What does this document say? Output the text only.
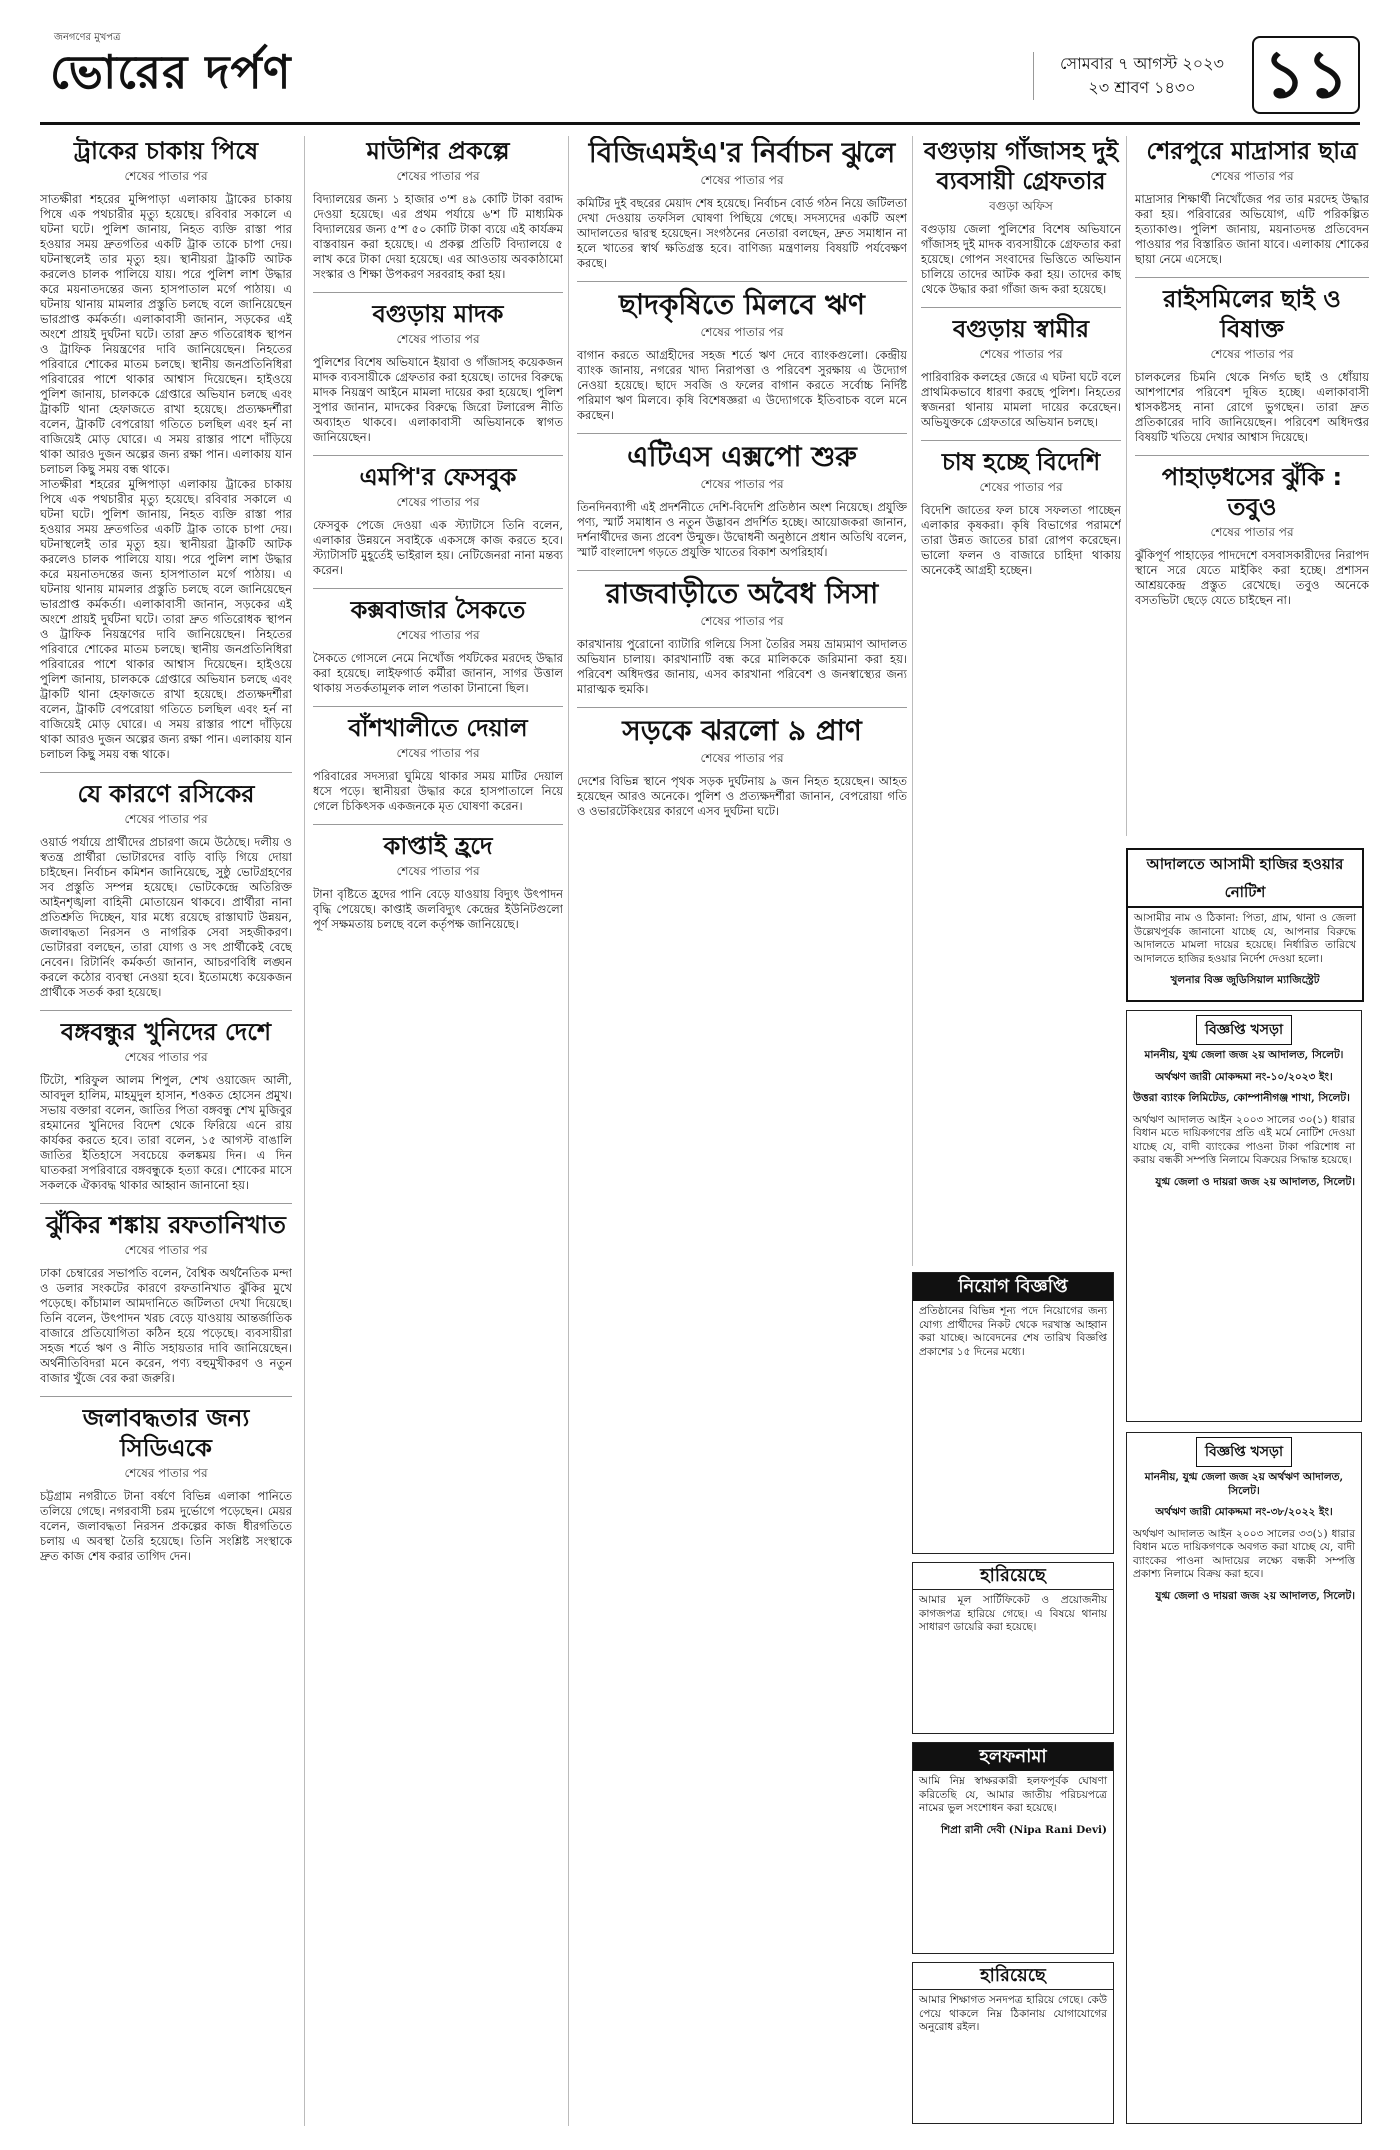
জনগণের মুখপত্র
ভোরের দর্পণ	সোমবার ৭ আগস্ট ২০২৩
২৩ শ্রাবণ ১৪৩০	১১
ট্রাকের চাকায় পিষে
শেষের পাতার পর

সাতক্ষীরা শহরের মুন্সিপাড়া এলাকায় ট্রাকের চাকায় পিষে এক পথচারীর মৃত্যু হয়েছে। রবিবার সকালে এ ঘটনা ঘটে। পুলিশ জানায়, নিহত ব্যক্তি রাস্তা পার হওয়ার সময় দ্রুতগতির একটি ট্রাক তাকে চাপা দেয়। ঘটনাস্থলেই তার মৃত্যু হয়। স্থানীয়রা ট্রাকটি আটক করলেও চালক পালিয়ে যায়। পরে পুলিশ লাশ উদ্ধার করে ময়নাতদন্তের জন্য হাসপাতাল মর্গে পাঠায়। এ ঘটনায় থানায় মামলার প্রস্তুতি চলছে বলে জানিয়েছেন ভারপ্রাপ্ত কর্মকর্তা। এলাকাবাসী জানান, সড়কের এই অংশে প্রায়ই দুর্ঘটনা ঘটে। তারা দ্রুত গতিরোধক স্থাপন ও ট্রাফিক নিয়ন্ত্রণের দাবি জানিয়েছেন। নিহতের পরিবারে শোকের মাতম চলছে। স্থানীয় জনপ্রতিনিধিরা পরিবারের পাশে থাকার আশ্বাস দিয়েছেন। হাইওয়ে পুলিশ জানায়, চালককে গ্রেপ্তারে অভিযান চলছে এবং ট্রাকটি থানা হেফাজতে রাখা হয়েছে। প্রত্যক্ষদর্শীরা বলেন, ট্রাকটি বেপরোয়া গতিতে চলছিল এবং হর্ন না বাজিয়েই মোড় ঘোরে। এ সময় রাস্তার পাশে দাঁড়িয়ে থাকা আরও দুজন অল্পের জন্য রক্ষা পান। এলাকায় যান চলাচল কিছু সময় বন্ধ থাকে।

সাতক্ষীরা শহরের মুন্সিপাড়া এলাকায় ট্রাকের চাকায় পিষে এক পথচারীর মৃত্যু হয়েছে। রবিবার সকালে এ ঘটনা ঘটে। পুলিশ জানায়, নিহত ব্যক্তি রাস্তা পার হওয়ার সময় দ্রুতগতির একটি ট্রাক তাকে চাপা দেয়। ঘটনাস্থলেই তার মৃত্যু হয়। স্থানীয়রা ট্রাকটি আটক করলেও চালক পালিয়ে যায়। পরে পুলিশ লাশ উদ্ধার করে ময়নাতদন্তের জন্য হাসপাতাল মর্গে পাঠায়। এ ঘটনায় থানায় মামলার প্রস্তুতি চলছে বলে জানিয়েছেন ভারপ্রাপ্ত কর্মকর্তা। এলাকাবাসী জানান, সড়কের এই অংশে প্রায়ই দুর্ঘটনা ঘটে। তারা দ্রুত গতিরোধক স্থাপন ও ট্রাফিক নিয়ন্ত্রণের দাবি জানিয়েছেন। নিহতের পরিবারে শোকের মাতম চলছে। স্থানীয় জনপ্রতিনিধিরা পরিবারের পাশে থাকার আশ্বাস দিয়েছেন। হাইওয়ে পুলিশ জানায়, চালককে গ্রেপ্তারে অভিযান চলছে এবং ট্রাকটি থানা হেফাজতে রাখা হয়েছে। প্রত্যক্ষদর্শীরা বলেন, ট্রাকটি বেপরোয়া গতিতে চলছিল এবং হর্ন না বাজিয়েই মোড় ঘোরে। এ সময় রাস্তার পাশে দাঁড়িয়ে থাকা আরও দুজন অল্পের জন্য রক্ষা পান। এলাকায় যান চলাচল কিছু সময় বন্ধ থাকে।

যে কারণে রসিকের
শেষের পাতার পর

ওয়ার্ড পর্যায়ে প্রার্থীদের প্রচারণা জমে উঠেছে। দলীয় ও স্বতন্ত্র প্রার্থীরা ভোটারদের বাড়ি বাড়ি গিয়ে দোয়া চাইছেন। নির্বাচন কমিশন জানিয়েছে, সুষ্ঠু ভোটগ্রহণের সব প্রস্তুতি সম্পন্ন হয়েছে। ভোটকেন্দ্রে অতিরিক্ত আইনশৃঙ্খলা বাহিনী মোতায়েন থাকবে। প্রার্থীরা নানা প্রতিশ্রুতি দিচ্ছেন, যার মধ্যে রয়েছে রাস্তাঘাট উন্নয়ন, জলাবদ্ধতা নিরসন ও নাগরিক সেবা সহজীকরণ। ভোটাররা বলছেন, তারা যোগ্য ও সৎ প্রার্থীকেই বেছে নেবেন। রিটার্নিং কর্মকর্তা জানান, আচরণবিধি লঙ্ঘন করলে কঠোর ব্যবস্থা নেওয়া হবে। ইতোমধ্যে কয়েকজন প্রার্থীকে সতর্ক করা হয়েছে।

বঙ্গবন্ধুর খুনিদের দেশে
শেষের পাতার পর

টিটো, শরিফুল আলম শিপুল, শেখ ওয়াজেদ আলী, আবদুল হালিম, মাহমুদুল হাসান, শওকত হোসেন প্রমুখ। সভায় বক্তারা বলেন, জাতির পিতা বঙ্গবন্ধু শেখ মুজিবুর রহমানের খুনিদের বিদেশ থেকে ফিরিয়ে এনে রায় কার্যকর করতে হবে। তারা বলেন, ১৫ আগস্ট বাঙালি জাতির ইতিহাসে সবচেয়ে কলঙ্কময় দিন। এ দিন ঘাতকরা সপরিবারে বঙ্গবন্ধুকে হত্যা করে। শোকের মাসে সকলকে ঐক্যবদ্ধ থাকার আহ্বান জানানো হয়।

ঝুঁকির শঙ্কায় রফতানিখাত
শেষের পাতার পর

ঢাকা চেম্বারের সভাপতি বলেন, বৈশ্বিক অর্থনৈতিক মন্দা ও ডলার সংকটের কারণে রফতানিখাত ঝুঁকির মুখে পড়েছে। কাঁচামাল আমদানিতে জটিলতা দেখা দিয়েছে। তিনি বলেন, উৎপাদন খরচ বেড়ে যাওয়ায় আন্তর্জাতিক বাজারে প্রতিযোগিতা কঠিন হয়ে পড়েছে। ব্যবসায়ীরা সহজ শর্তে ঋণ ও নীতি সহায়তার দাবি জানিয়েছেন। অর্থনীতিবিদরা মনে করেন, পণ্য বহুমুখীকরণ ও নতুন বাজার খুঁজে বের করা জরুরি।

জলাবদ্ধতার জন্য সিডিএকে
শেষের পাতার পর

চট্টগ্রাম নগরীতে টানা বর্ষণে বিভিন্ন এলাকা পানিতে তলিয়ে গেছে। নগরবাসী চরম দুর্ভোগে পড়েছেন। মেয়র বলেন, জলাবদ্ধতা নিরসন প্রকল্পের কাজ ধীরগতিতে চলায় এ অবস্থা তৈরি হয়েছে। তিনি সংশ্লিষ্ট সংস্থাকে দ্রুত কাজ শেষ করার তাগিদ দেন।

মাউশির প্রকল্পে
শেষের পাতার পর

বিদ্যালয়ের জন্য ১ হাজার ৩'শ ৪৯ কোটি টাকা বরাদ্দ দেওয়া হয়েছে। এর প্রথম পর্যায়ে ৬'শ টি মাধ্যমিক বিদ্যালয়ের জন্য ৫'শ ৫০ কোটি টাকা ব্যয়ে এই কার্যক্রম বাস্তবায়ন করা হয়েছে। এ প্রকল্প প্রতিটি বিদ্যালয়ে ৫ লাখ করে টাকা দেয়া হয়েছে। এর আওতায় অবকাঠামো সংস্কার ও শিক্ষা উপকরণ সরবরাহ করা হয়।

বগুড়ায় মাদক
শেষের পাতার পর

পুলিশের বিশেষ অভিযানে ইয়াবা ও গাঁজাসহ কয়েকজন মাদক ব্যবসায়ীকে গ্রেফতার করা হয়েছে। তাদের বিরুদ্ধে মাদক নিয়ন্ত্রণ আইনে মামলা দায়ের করা হয়েছে। পুলিশ সুপার জানান, মাদকের বিরুদ্ধে জিরো টলারেন্স নীতি অব্যাহত থাকবে। এলাকাবাসী অভিযানকে স্বাগত জানিয়েছেন।

এমপি'র ফেসবুক
শেষের পাতার পর

ফেসবুক পেজে দেওয়া এক স্ট্যাটাসে তিনি বলেন, এলাকার উন্নয়নে সবাইকে একসঙ্গে কাজ করতে হবে। স্ট্যাটাসটি মুহূর্তেই ভাইরাল হয়। নেটিজেনরা নানা মন্তব্য করেন।

কক্সবাজার সৈকতে
শেষের পাতার পর

সৈকতে গোসলে নেমে নিখোঁজ পর্যটকের মরদেহ উদ্ধার করা হয়েছে। লাইফগার্ড কর্মীরা জানান, সাগর উত্তাল থাকায় সতর্কতামূলক লাল পতাকা টানানো ছিল।

বাঁশখালীতে দেয়াল
শেষের পাতার পর

পরিবারের সদস্যরা ঘুমিয়ে থাকার সময় মাটির দেয়াল ধসে পড়ে। স্থানীয়রা উদ্ধার করে হাসপাতালে নিয়ে গেলে চিকিৎসক একজনকে মৃত ঘোষণা করেন।

কাপ্তাই হ্রদে
শেষের পাতার পর

টানা বৃষ্টিতে হ্রদের পানি বেড়ে যাওয়ায় বিদ্যুৎ উৎপাদন বৃদ্ধি পেয়েছে। কাপ্তাই জলবিদ্যুৎ কেন্দ্রের ইউনিটগুলো পূর্ণ সক্ষমতায় চলছে বলে কর্তৃপক্ষ জানিয়েছে।

বিজিএমইএ'র নির্বাচন ঝুলে
শেষের পাতার পর

কমিটির দুই বছরের মেয়াদ শেষ হয়েছে। নির্বাচন বোর্ড গঠন নিয়ে জটিলতা দেখা দেওয়ায় তফসিল ঘোষণা পিছিয়ে গেছে। সদস্যদের একটি অংশ আদালতের দ্বারস্থ হয়েছেন। সংগঠনের নেতারা বলছেন, দ্রুত সমাধান না হলে খাতের স্বার্থ ক্ষতিগ্রস্ত হবে। বাণিজ্য মন্ত্রণালয় বিষয়টি পর্যবেক্ষণ করছে।

ছাদকৃষিতে মিলবে ঋণ
শেষের পাতার পর

বাগান করতে আগ্রহীদের সহজ শর্তে ঋণ দেবে ব্যাংকগুলো। কেন্দ্রীয় ব্যাংক জানায়, নগরের খাদ্য নিরাপত্তা ও পরিবেশ সুরক্ষায় এ উদ্যোগ নেওয়া হয়েছে। ছাদে সবজি ও ফলের বাগান করতে সর্বোচ্চ নির্দিষ্ট পরিমাণ ঋণ মিলবে। কৃষি বিশেষজ্ঞরা এ উদ্যোগকে ইতিবাচক বলে মনে করছেন।

এটিএস এক্সপো শুরু
শেষের পাতার পর

তিনদিনব্যাপী এই প্রদর্শনীতে দেশি-বিদেশি প্রতিষ্ঠান অংশ নিয়েছে। প্রযুক্তি পণ্য, স্মার্ট সমাধান ও নতুন উদ্ভাবন প্রদর্শিত হচ্ছে। আয়োজকরা জানান, দর্শনার্থীদের জন্য প্রবেশ উন্মুক্ত। উদ্বোধনী অনুষ্ঠানে প্রধান অতিথি বলেন, স্মার্ট বাংলাদেশ গড়তে প্রযুক্তি খাতের বিকাশ অপরিহার্য।

রাজবাড়ীতে অবৈধ সিসা
শেষের পাতার পর

কারখানায় পুরোনো ব্যাটারি গলিয়ে সিসা তৈরির সময় ভ্রাম্যমাণ আদালত অভিযান চালায়। কারখানাটি বন্ধ করে মালিককে জরিমানা করা হয়। পরিবেশ অধিদপ্তর জানায়, এসব কারখানা পরিবেশ ও জনস্বাস্থ্যের জন্য মারাত্মক হুমকি।

সড়কে ঝরলো ৯ প্রাণ
শেষের পাতার পর

দেশের বিভিন্ন স্থানে পৃথক সড়ক দুর্ঘটনায় ৯ জন নিহত হয়েছেন। আহত হয়েছেন আরও অনেকে। পুলিশ ও প্রত্যক্ষদর্শীরা জানান, বেপরোয়া গতি ও ওভারটেকিংয়ের কারণে এসব দুর্ঘটনা ঘটে।

বগুড়ায় গাঁজাসহ দুই ব্যবসায়ী গ্রেফতার
বগুড়া অফিস

বগুড়ায় জেলা পুলিশের বিশেষ অভিযানে গাঁজাসহ দুই মাদক ব্যবসায়ীকে গ্রেফতার করা হয়েছে। গোপন সংবাদের ভিত্তিতে অভিযান চালিয়ে তাদের আটক করা হয়। তাদের কাছ থেকে উদ্ধার করা গাঁজা জব্দ করা হয়েছে।

বগুড়ায় স্বামীর
শেষের পাতার পর

পারিবারিক কলহের জেরে এ ঘটনা ঘটে বলে প্রাথমিকভাবে ধারণা করছে পুলিশ। নিহতের স্বজনরা থানায় মামলা দায়ের করেছেন। অভিযুক্তকে গ্রেফতারে অভিযান চলছে।

চাষ হচ্ছে বিদেশি
শেষের পাতার পর

বিদেশি জাতের ফল চাষে সফলতা পাচ্ছেন এলাকার কৃষকরা। কৃষি বিভাগের পরামর্শে তারা উন্নত জাতের চারা রোপণ করেছেন। ভালো ফলন ও বাজারে চাহিদা থাকায় অনেকেই আগ্রহী হচ্ছেন।

শেরপুরে মাদ্রাসার ছাত্র
শেষের পাতার পর

মাদ্রাসার শিক্ষার্থী নিখোঁজের পর তার মরদেহ উদ্ধার করা হয়। পরিবারের অভিযোগ, এটি পরিকল্পিত হত্যাকাণ্ড। পুলিশ জানায়, ময়নাতদন্ত প্রতিবেদন পাওয়ার পর বিস্তারিত জানা যাবে। এলাকায় শোকের ছায়া নেমে এসেছে।

রাইসমিলের ছাই ও বিষাক্ত
শেষের পাতার পর

চালকলের চিমনি থেকে নির্গত ছাই ও ধোঁয়ায় আশপাশের পরিবেশ দূষিত হচ্ছে। এলাকাবাসী শ্বাসকষ্টসহ নানা রোগে ভুগছেন। তারা দ্রুত প্রতিকারের দাবি জানিয়েছেন। পরিবেশ অধিদপ্তর বিষয়টি খতিয়ে দেখার আশ্বাস দিয়েছে।

পাহাড়ধসের ঝুঁকি : তবুও
শেষের পাতার পর

ঝুঁকিপূর্ণ পাহাড়ের পাদদেশে বসবাসকারীদের নিরাপদ স্থানে সরে যেতে মাইকিং করা হচ্ছে। প্রশাসন আশ্রয়কেন্দ্র প্রস্তুত রেখেছে। তবুও অনেকে বসতভিটা ছেড়ে যেতে চাইছেন না।

আদালতে আসামী হাজির হওয়ার নোটিশ
আসামীর নাম ও ঠিকানা: পিতা, গ্রাম, থানা ও জেলা উল্লেখপূর্বক জানানো যাচ্ছে যে, আপনার বিরুদ্ধে আদালতে মামলা দায়ের হয়েছে। নির্ধারিত তারিখে আদালতে হাজির হওয়ার নির্দেশ দেওয়া হলো।
খুলনার বিজ্ঞ জুডিসিয়াল ম্যাজিস্ট্রেট
বিজ্ঞপ্তি খসড়া
মাননীয়, যুগ্ম জেলা জজ ২য় আদালত, সিলেট।
অর্থঋণ জারী মোকদ্দমা নং-১০/২০২৩ ইং।
উত্তরা ব্যাংক লিমিটেড, কোম্পানীগঞ্জ শাখা, সিলেট।
অর্থঋণ আদালত আইন ২০০৩ সালের ৩০(১) ধারার বিধান মতে দায়িকগণের প্রতি এই মর্মে নোটিশ দেওয়া যাচ্ছে যে, বাদী ব্যাংকের পাওনা টাকা পরিশোধ না করায় বন্ধকী সম্পত্তি নিলামে বিক্রয়ের সিদ্ধান্ত হয়েছে।
যুগ্ম জেলা ও দায়রা জজ ২য় আদালত, সিলেট।
বিজ্ঞপ্তি খসড়া
মাননীয়, যুগ্ম জেলা জজ ২য় অর্থঋণ আদালত, সিলেট।
অর্থঋণ জারী মোকদ্দমা নং-৩৮/২০২২ ইং।
অর্থঋণ আদালত আইন ২০০৩ সালের ৩৩(১) ধারার বিধান মতে দায়িকগণকে অবগত করা যাচ্ছে যে, বাদী ব্যাংকের পাওনা আদায়ের লক্ষ্যে বন্ধকী সম্পত্তি প্রকাশ্য নিলামে বিক্রয় করা হবে।
যুগ্ম জেলা ও দায়রা জজ ২য় আদালত, সিলেট।
নিয়োগ বিজ্ঞপ্তি
প্রতিষ্ঠানের বিভিন্ন শূন্য পদে নিয়োগের জন্য যোগ্য প্রার্থীদের নিকট থেকে দরখাস্ত আহ্বান করা যাচ্ছে। আবেদনের শেষ তারিখ বিজ্ঞপ্তি প্রকাশের ১৫ দিনের মধ্যে।
হারিয়েছে
আমার মূল সার্টিফিকেট ও প্রয়োজনীয় কাগজপত্র হারিয়ে গেছে। এ বিষয়ে থানায় সাধারণ ডায়েরি করা হয়েছে।
হলফনামা
আমি নিম্ন স্বাক্ষরকারী হলফপূর্বক ঘোষণা করিতেছি যে, আমার জাতীয় পরিচয়পত্রে নামের ভুল সংশোধন করা হয়েছে।
শিপ্রা রানী দেবী (Nipa Rani Devi)
হারিয়েছে
আমার শিক্ষাগত সনদপত্র হারিয়ে গেছে। কেউ পেয়ে থাকলে নিম্ন ঠিকানায় যোগাযোগের অনুরোধ রইল।
